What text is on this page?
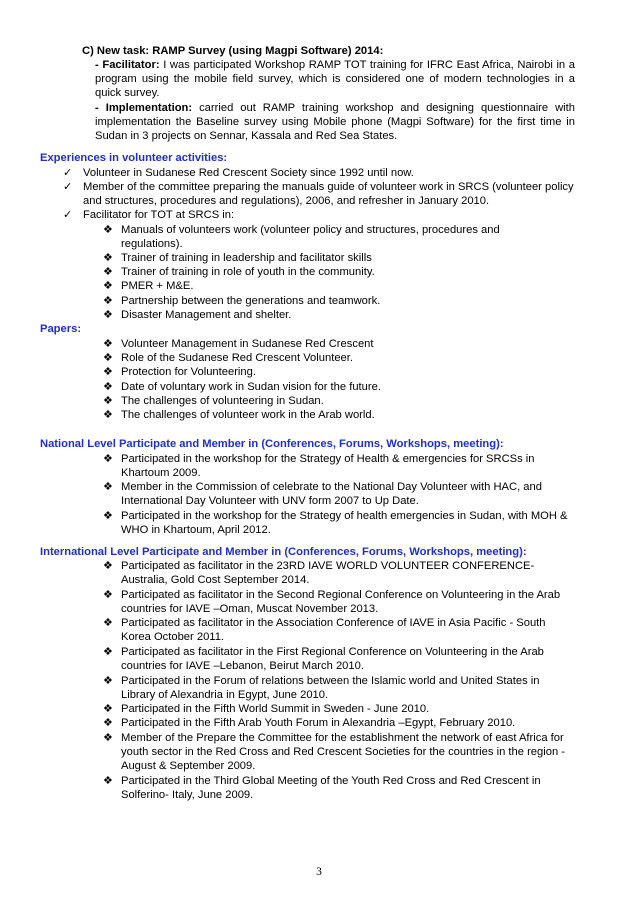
C) New task: RAMP Survey (using Magpi Software) 2014:
- Facilitator: I was participated Workshop RAMP TOT training for IFRC East Africa, Nairobi in a program using the mobile field survey, which is considered one of modern technologies in a quick survey.
- Implementation: carried out RAMP training workshop and designing questionnaire with implementation the Baseline survey using Mobile phone (Magpi Software) for the first time in Sudan in 3 projects on Sennar, Kassala and Red Sea States.
Experiences in volunteer activities:
✓ Volunteer in Sudanese Red Crescent Society since 1992 until now.
✓ Member of the committee preparing the manuals guide of volunteer work in SRCS (volunteer policy and structures, procedures and regulations), 2006, and refresher in January 2010.
✓ Facilitator for TOT at SRCS in:
❖ Manuals of volunteers work (volunteer policy and structures, procedures and regulations).
❖ Trainer of training in leadership and facilitator skills
❖ Trainer of training in role of youth in the community.
❖ PMER + M&E.
❖ Partnership between the generations and teamwork.
❖ Disaster Management and shelter.
Papers:
❖ Volunteer Management in Sudanese Red Crescent
❖ Role of the Sudanese Red Crescent Volunteer.
❖ Protection for Volunteering.
❖ Date of voluntary work in Sudan vision for the future.
❖ The challenges of volunteering in Sudan.
❖ The challenges of volunteer work in the Arab world.
National Level Participate and Member in (Conferences, Forums, Workshops, meeting):
❖ Participated in the workshop for the Strategy of Health & emergencies for SRCSs in Khartoum 2009.
❖ Member in the Commission of celebrate to the National Day Volunteer with HAC, and International Day Volunteer with UNV form 2007 to Up Date.
❖ Participated in the workshop for the Strategy of health emergencies in Sudan, with MOH & WHO in Khartoum, April 2012.
International Level Participate and Member in (Conferences, Forums, Workshops, meeting):
❖ Participated as facilitator in the 23RD IAVE WORLD VOLUNTEER CONFERENCE-Australia, Gold Cost September 2014.
❖ Participated as facilitator in the Second Regional Conference on Volunteering in the Arab countries for IAVE –Oman, Muscat November 2013.
❖ Participated as facilitator in the Association Conference of IAVE in Asia Pacific - South Korea October 2011.
❖ Participated as facilitator in the First Regional Conference on Volunteering in the Arab countries for IAVE –Lebanon, Beirut March 2010.
❖ Participated in the Forum of relations between the Islamic world and United States in Library of Alexandria in Egypt, June 2010.
❖ Participated in the Fifth World Summit in Sweden - June 2010.
❖ Participated in the Fifth Arab Youth Forum in Alexandria –Egypt, February 2010.
❖ Member of the Prepare the Committee for the establishment the network of east Africa for youth sector in the Red Cross and Red Crescent Societies for the countries in the region - August & September 2009.
❖ Participated in the Third Global Meeting of the Youth Red Cross and Red Crescent in Solferino- Italy, June 2009.
3
